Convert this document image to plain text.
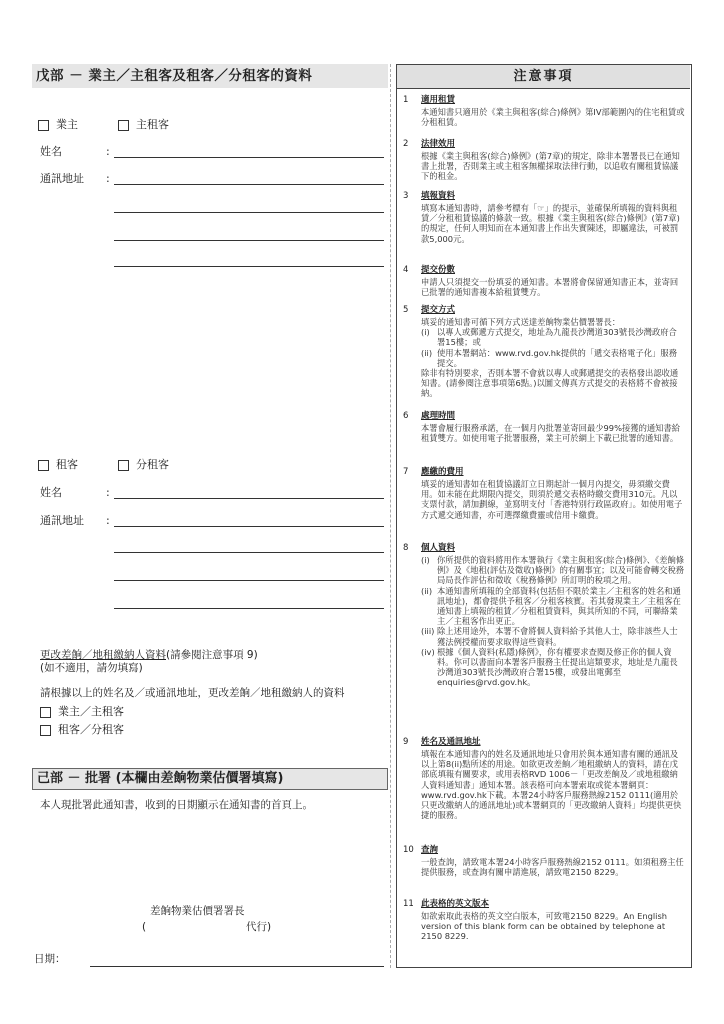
戊部 － 業主／主租客及租客／分租客的資料
業主	主租客
姓名	:
通訊地址 :
租客	分租客
姓名	:
通訊地址 :
更改差餉／地租繳納人資料(請參閱注意事項 9)
(如不適用，請勿填寫)
請根據以上的姓名及／或通訊地址，更改差餉／地租繳納人的資料
業主／主租客
租客／分租客
己部 － 批署 (本欄由差餉物業估價署填寫)
本人現批署此通知書，收到的日期顯示在通知書的首頁上。
差餉物業估價署署長
(	代行)
日期：
注意事項
1 適用租賃
本通知書只適用於《業主與租客(綜合)條例》第IV部範圍內的住宅租賃或分租租賃。
2 法律效用
根據《業主與租客(綜合)條例》(第7章)的規定，除非本署署長已在通知書上批署，否則業主或主租客無權採取法律行動，以追收有關租賃協議下的租金。
3 填報資料
填寫本通知書時，請參考標有「☞」的提示，並確保所填報的資料與租賃／分租租賃協議的條款一致。根據《業主與租客(綜合)條例》(第7章)的規定，任何人明知而在本通知書上作出失實陳述，即屬違法，可被罰款5,000元。
4 提交份數
申請人只須提交一份填妥的通知書。本署將會保留通知書正本，並寄回已批署的通知書複本給租賃雙方。
5 提交方式
填妥的通知書可循下列方式送達差餉物業估價署署長：
(i) 以專人或郵遞方式提交，地址為九龍長沙灣道303號長沙灣政府合署15樓；或
(ii) 使用本署網站：www.rvd.gov.hk提供的「遞交表格電子化」服務提交。
除非有特別要求，否則本署不會就以專人或郵遞提交的表格發出認收通知書。(請參閱注意事項第6點。)以圖文傳真方式提交的表格將不會被接納。
6 處理時間
本署會履行服務承諾，在一個月內批署並寄回最少99%接獲的通知書給租賃雙方。如使用電子批署服務，業主可於網上下載已批署的通知書。
7 應繳的費用
填妥的通知書如在租賃協議訂立日期起計一個月內提交，毋須繳交費用。如未能在此期限內提交，則須於遞交表格時繳交費用310元。凡以支票付款，請加劃線，並寫明支付「香港特別行政區政府」。如使用電子方式遞交通知書，亦可選擇繳費靈或信用卡繳費。
8 個人資料
(i) 你所提供的資料將用作本署執行《業主與租客(綜合)條例》、《差餉條例》及《地租(評估及徵收)條例》的有關事宜；以及可能會轉交稅務局局長作評估和徵收《稅務條例》所訂明的稅項之用。
(ii) 本通知書所填報的全部資料(包括但不限於業主／主租客的姓名和通訊地址)，都會提供予租客／分租客核實。若其發現業主／主租客在通知書上填報的租賃／分租租賃資料，與其所知的不同，可聯絡業主／主租客作出更正。
(iii) 除上述用途外，本署不會將個人資料給予其他人士，除非該些人士獲法例授權而要求取得這些資料。
(iv) 根據《個人資料(私隱)條例》，你有權要求查閱及修正你的個人資料。你可以書面向本署客戶服務主任提出這類要求，地址是九龍長沙灣道303號長沙灣政府合署15樓，或發出電郵至enquiries@rvd.gov.hk。
9 姓名及通訊地址
填報在本通知書內的姓名及通訊地址只會用於與本通知書有關的通訊及以上第8(ii)點所述的用途。如欲更改差餉／地租繳納人的資料，請在戊部底填報有關要求，或用表格RVD 1006－「更改差餉及／或地租繳納人資料通知書」通知本署。該表格可向本署索取或從本署網頁：www.rvd.gov.hk下載。本署24小時客戶服務熱線2152 0111(適用於只更改繳納人的通訊地址)或本署網頁的「更改繳納人資料」均提供更快捷的服務。
10 查詢
一般查詢，請致電本署24小時客戶服務熱線2152 0111。如須租務主任提供服務，或查詢有關申請進展，請致電2150 8229。
11 此表格的英文版本
如欲索取此表格的英文空白版本，可致電2150 8229。An English version of this blank form can be obtained by telephone at 2150 8229.
